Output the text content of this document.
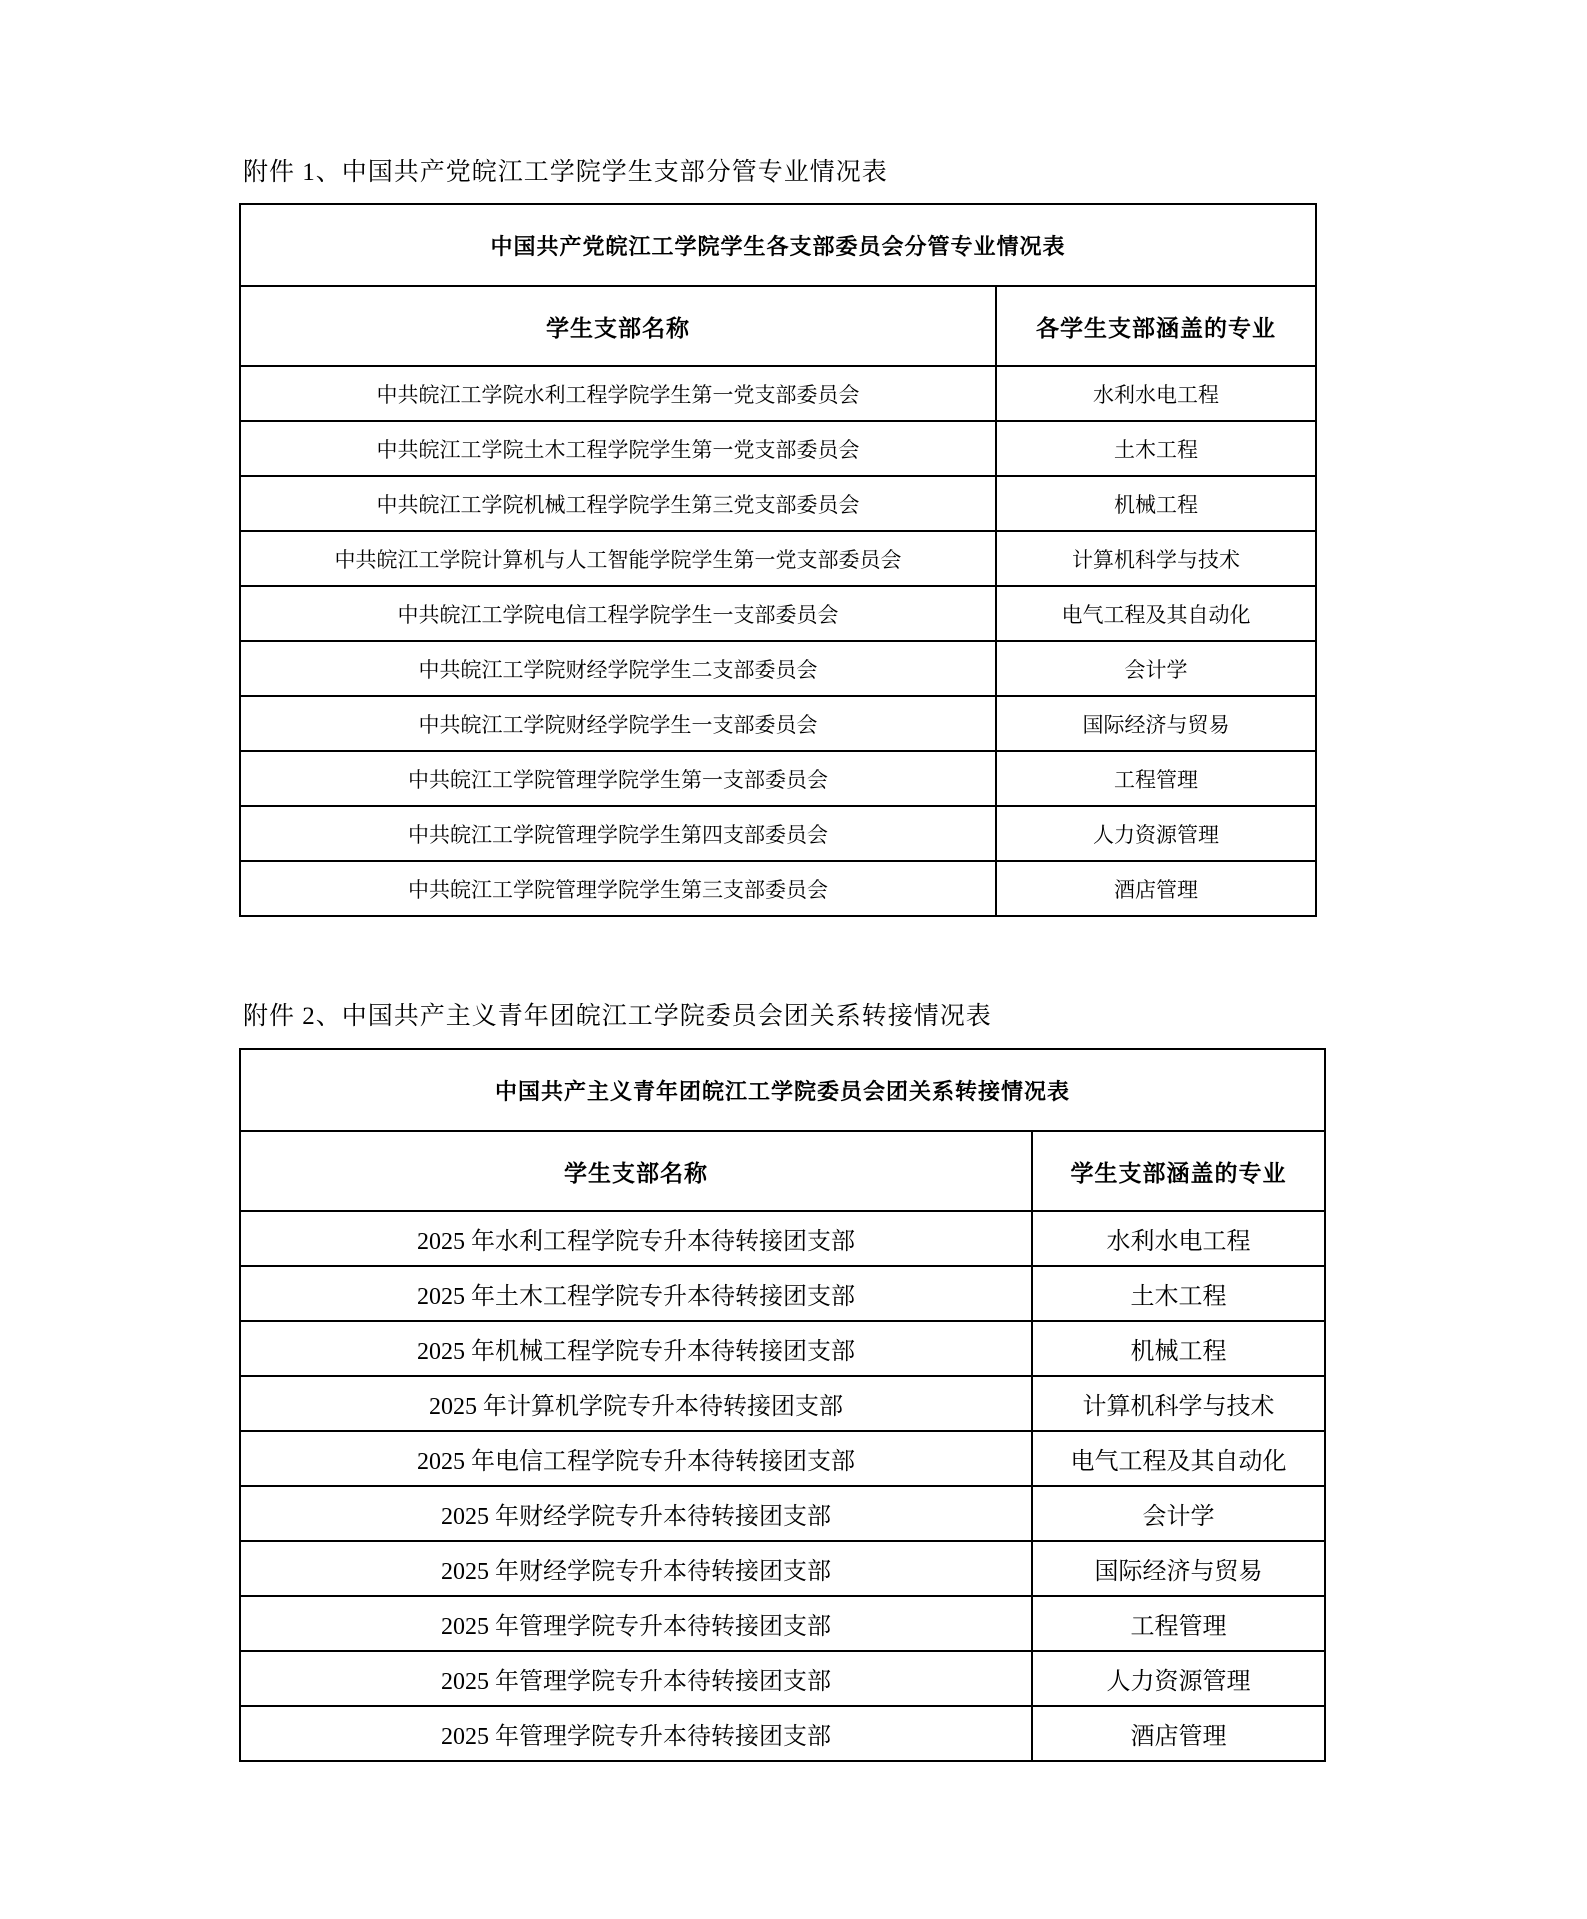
附件 1、中国共产党皖江工学院学生支部分管专业情况表
中国共产党皖江工学院学生各支部委员会分管专业情况表	
学生支部名称	各学生支部涵盖的专业
中共皖江工学院水利工程学院学生第一党支部委员会	水利水电工程
中共皖江工学院土木工程学院学生第一党支部委员会	土木工程
中共皖江工学院机械工程学院学生第三党支部委员会	机械工程
中共皖江工学院计算机与人工智能学院学生第一党支部委员会	计算机科学与技术
中共皖江工学院电信工程学院学生一支部委员会	电气工程及其自动化
中共皖江工学院财经学院学生二支部委员会	会计学
中共皖江工学院财经学院学生一支部委员会	国际经济与贸易
中共皖江工学院管理学院学生第一支部委员会	工程管理
中共皖江工学院管理学院学生第四支部委员会	人力资源管理
中共皖江工学院管理学院学生第三支部委员会	酒店管理
附件 2、中国共产主义青年团皖江工学院委员会团关系转接情况表
中国共产主义青年团皖江工学院委员会团关系转接情况表	
学生支部名称	学生支部涵盖的专业
2025 年水利工程学院专升本待转接团支部	水利水电工程
2025 年土木工程学院专升本待转接团支部	土木工程
2025 年机械工程学院专升本待转接团支部	机械工程
2025 年计算机学院专升本待转接团支部	计算机科学与技术
2025 年电信工程学院专升本待转接团支部	电气工程及其自动化
2025 年财经学院专升本待转接团支部	会计学
2025 年财经学院专升本待转接团支部	国际经济与贸易
2025 年管理学院专升本待转接团支部	工程管理
2025 年管理学院专升本待转接团支部	人力资源管理
2025 年管理学院专升本待转接团支部	酒店管理
